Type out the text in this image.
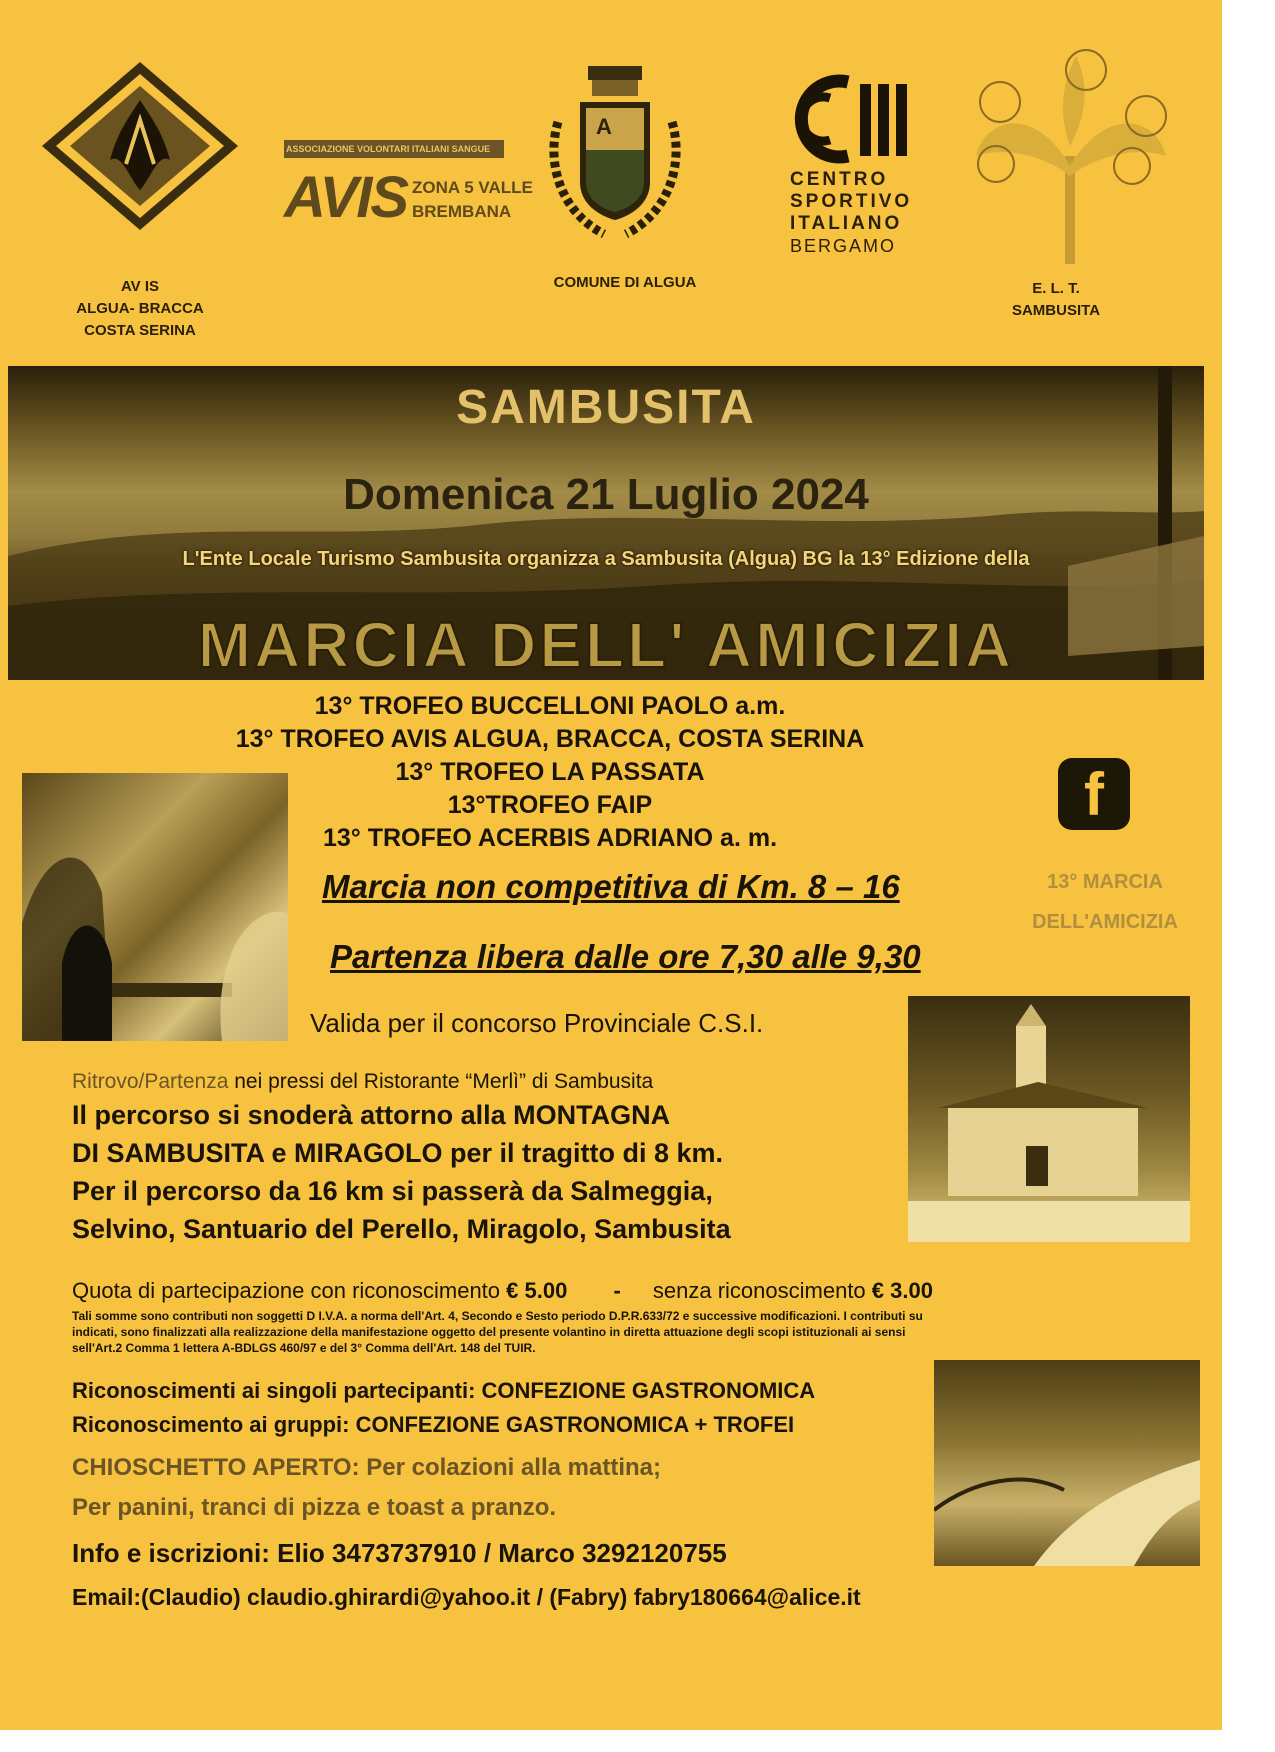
AV IS
ALGUA- BRACCA
COSTA SERINA
ASSOCIAZIONE VOLONTARI ITALIANI SANGUE
AVIS ZONA 5 VALLE
BREMBANA
A
COMUNE DI ALGUA
CENTRO
SPORTIVO
ITALIANO
BERGAMO
E. L. T.
SAMBUSITA
SAMBUSITA
Domenica 21 Luglio 2024
L'Ente Locale Turismo Sambusita organizza a Sambusita (Algua) BG la 13° Edizione della
MARCIA DELL' AMICIZIA
13° TROFEO BUCCELLONI PAOLO a.m.
13° TROFEO AVIS ALGUA, BRACCA, COSTA SERINA
13° TROFEO LA PASSATA
13°TROFEO FAIP
13° TROFEO ACERBIS ADRIANO a. m.
f
13° MARCIA
DELL'AMICIZIA
Marcia non competitiva di Km. 8 – 16
Partenza libera dalle ore 7,30 alle 9,30
Valida per il concorso Provinciale C.S.I.
Ritrovo/Partenza nei pressi del Ristorante “Merlì” di Sambusita
Il percorso si snoderà attorno alla MONTAGNA
DI SAMBUSITA e MIRAGOLO per il tragitto di 8 km.
Per il percorso da 16 km si passerà da Salmeggia,
Selvino, Santuario del Perello, Miragolo, Sambusita
Quota di partecipazione con riconoscimento € 5.00 - senza riconoscimento € 3.00
Tali somme sono contributi non soggetti D I.V.A. a norma dell'Art. 4, Secondo e Sesto periodo D.P.R.633/72 e successive modificazioni. I contributi su
indicati, sono finalizzati alla realizzazione della manifestazione oggetto del presente volantino in diretta attuazione degli scopi istituzionali ai sensi
sell'Art.2 Comma 1 lettera A-BDLGS 460/97 e del 3° Comma dell'Art. 148 del TUIR.
Riconoscimenti ai singoli partecipanti: CONFEZIONE GASTRONOMICA
Riconoscimento ai gruppi: CONFEZIONE GASTRONOMICA + TROFEI
CHIOSCHETTO APERTO: Per colazioni alla mattina;
Per panini, tranci di pizza e toast a pranzo.
Info e iscrizioni: Elio 3473737910 / Marco 3292120755
Email:(Claudio) claudio.ghirardi@yahoo.it / (Fabry) fabry180664@alice.it
